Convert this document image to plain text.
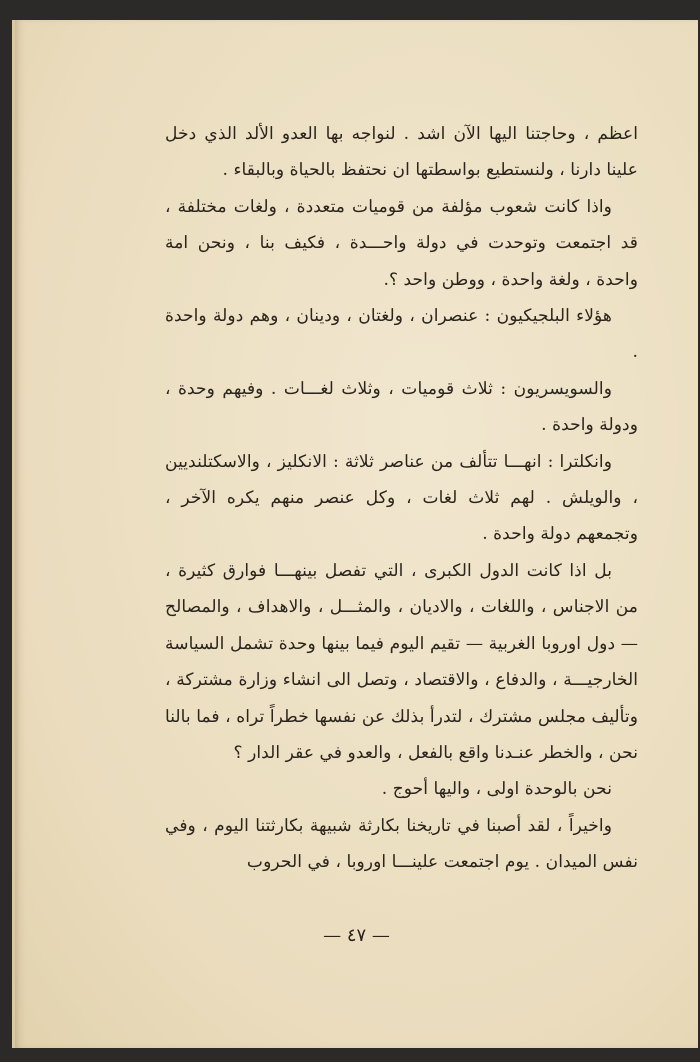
اعظم ، وحاجتنا اليها الآن اشد . لنواجه بها العدو الألد الذي دخل علينا دارنا ، ولنستطيع بواسطتها ان نحتفظ بالحياة وبالبقاء .

واذا كانت شعوب مؤلفة من قوميات متعددة ، ولغات مختلفة ، قد اجتمعت وتوحدت في دولة واحـــدة ، فكيف بنا ، ونحن امة واحدة ، ولغة واحدة ، ووطن واحد ؟.

هؤلاء البلجيكيون : عنصران ، ولغتان ، ودينان ، وهم دولة واحدة .

والسويسريون : ثلاث قوميات ، وثلاث لغـــات . وفيهم وحدة ، ودولة واحدة .

وانكلترا : انهـــا تتألف من عناصر ثلاثة : الانكليز ، والاسكتلنديين ، والويلش . لهم ثلاث لغات ، وكل عنصر منهم يكره الآخر ، وتجمعهم دولة واحدة .

بل اذا كانت الدول الكبرى ، التي تفصل بينهـــا فوارق كثيرة ، من الاجناس ، واللغات ، والاديان ، والمثـــل ، والاهداف ، والمصالح — دول اوروبا الغربية — تقيم اليوم فيما بينها وحدة تشمل السياسة الخارجيـــة ، والدفاع ، والاقتصاد ، وتصل الى انشاء وزارة مشتركة ، وتأليف مجلس مشترك ، لتدرأ بذلك عن نفسها خطراً تراه ، فما بالنا نحن ، والخطر عنـدنا واقع بالفعل ، والعدو في عقر الدار ؟

نحن بالوحدة اولى ، واليها أحوج .

واخيراً ، لقد أصبنا في تاريخنا بكارثة شبيهة بكارثتنا اليوم ، وفي نفس الميدان . يوم اجتمعت علينـــا اوروبا ، في الحروب

— ٤٧ —
